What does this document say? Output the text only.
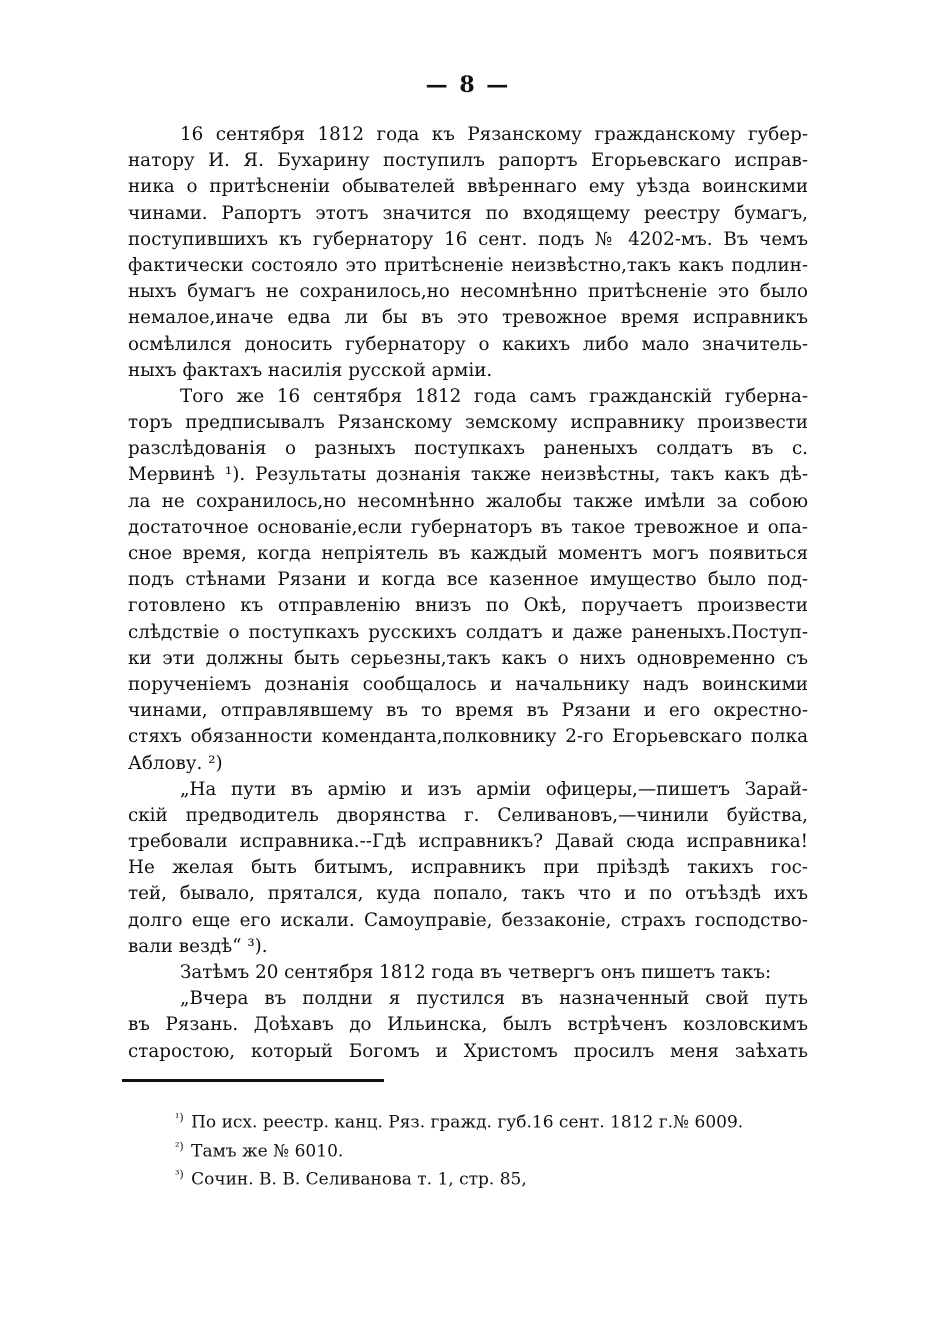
— 8 —
16 сентября 1812 года къ Рязанскому гражданскому губер-
натору И. Я. Бухарину поступилъ рапортъ Егорьевскаго исправ-
ника о притѣсненіи обывателей ввѣреннаго ему уѣзда воинскими
чинами. Рапортъ этотъ значится по входящему реестру бумагъ,
поступившихъ къ губернатору 16 сент. подъ № 4202-мъ. Въ чемъ
фактически состояло это притѣсненіе неизвѣстно,такъ какъ подлин-
ныхъ бумагъ не сохранилось,но несомнѣнно притѣсненіе это было
немалое,иначе едва ли бы въ это тревожное время исправникъ
осмѣлился доносить губернатору о какихъ либо мало значитель-
ныхъ фактахъ насилія русской арміи.
Того же 16 сентября 1812 года самъ гражданскій губерна-
торъ предписывалъ Рязанскому земскому исправнику произвести
разслѣдованія о разныхъ поступкахъ раненыхъ солдатъ въ с.
Мервинѣ ¹). Результаты дознанія также неизвѣстны, такъ какъ дѣ-
ла не сохранилось,но несомнѣнно жалобы также имѣли за собою
достаточное основаніе,если губернаторъ въ такое тревожное и опа-
сное время, когда непріятель въ каждый моментъ могъ появиться
подъ стѣнами Рязани и когда все казенное имущество было под-
готовлено къ отправленію внизъ по Окѣ, поручаетъ произвести
слѣдствіе о поступкахъ русскихъ солдатъ и даже раненыхъ.Поступ-
ки эти должны быть серьезны,такъ какъ о нихъ одновременно съ
порученіемъ дознанія сообщалось и начальнику надъ воинскими
чинами, отправлявшему въ то время въ Рязани и его окрестно-
стяхъ обязанности коменданта,полковнику 2-го Егорьевскаго полка
Аблову. ²)
„На пути въ армію и изъ арміи офицеры,—пишетъ Зарай-
скій предводитель дворянства г. Селивановъ,—чинили буйства,
требовали исправника.--Гдѣ исправникъ? Давай сюда исправника!
Не желая быть битымъ, исправникъ при пріѣздѣ такихъ гос-
тей, бывало, прятался, куда попало, такъ что и по отъѣздѣ ихъ
долго еще его искали. Самоуправіе, беззаконіе, страхъ господство-
вали вездѣ“ ³).
Затѣмъ 20 сентября 1812 года въ четвергъ онъ пишетъ такъ:
„Вчера въ полдни я пустился въ назначенный свой путь
въ Рязань. Доѣхавъ до Ильинска, былъ встрѣченъ козловскимъ
старостою, который Богомъ и Христомъ просилъ меня заѣхать
$^{^1)}$ По исх. реестр. канц. Ряз. гражд. губ.16 сент. 1812 г.№ 6009.
$^{^2)}$ Тамъ же № 6010.
$^{^3)}$ Сочин. В. В. Селиванова т. 1, стр. 85,
